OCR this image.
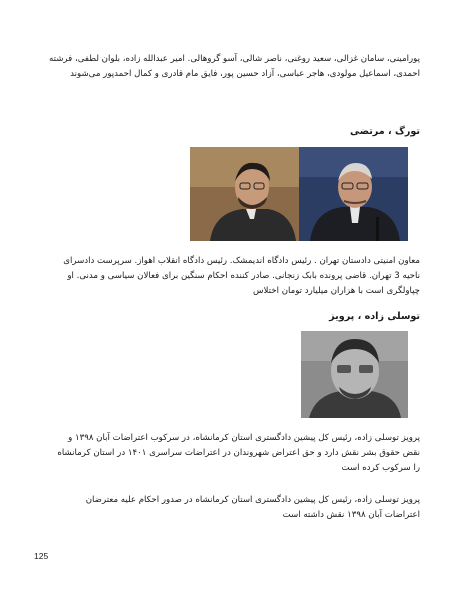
پورامینی، سامان غزالی، سعید روغنی، ناصر شالی، آسو گروهالی. امیر عبدالله زاده، بلوان لطفی، فرشته
احمدی، اسماعیل مولودی، هاجر عباسی، آزاد حسین پور، فایق مام قادری و کمال احمدپور می‌شوند

تورگ ، مرتضی

معاون امنیتی دادستان تهران . رئیس دادگاه اندیمشک. رئیس دادگاه انقلاب اهواز. سرپرست دادسرای
ناحیه 3 تهران. قاضی پرونده بابک زنجانی. صادر کننده احکام سنگین برای فعالان سیاسی و مدنی. او
چپاولگری است با هزاران میلیارد تومان اختلاس

توسلی زاده ، پرویز

پرویز توسلی زاده، رئیس کل پیشین دادگستری استان کرمانشاه، در سرکوب اعتراضات آبان ۱۳۹۸ و
نقض حقوق بشر نقش دارد و حق اعتراض شهروندان در اعتراضات سراسری ۱۴۰۱ در استان کرمانشاه
را سرکوب کرده است

پرویز توسلی زاده، رئیس کل پیشین دادگستری استان کرمانشاه در صدور احکام علیه معترضان
اعتراضات آبان ۱۳۹۸ نقش داشته است

125
